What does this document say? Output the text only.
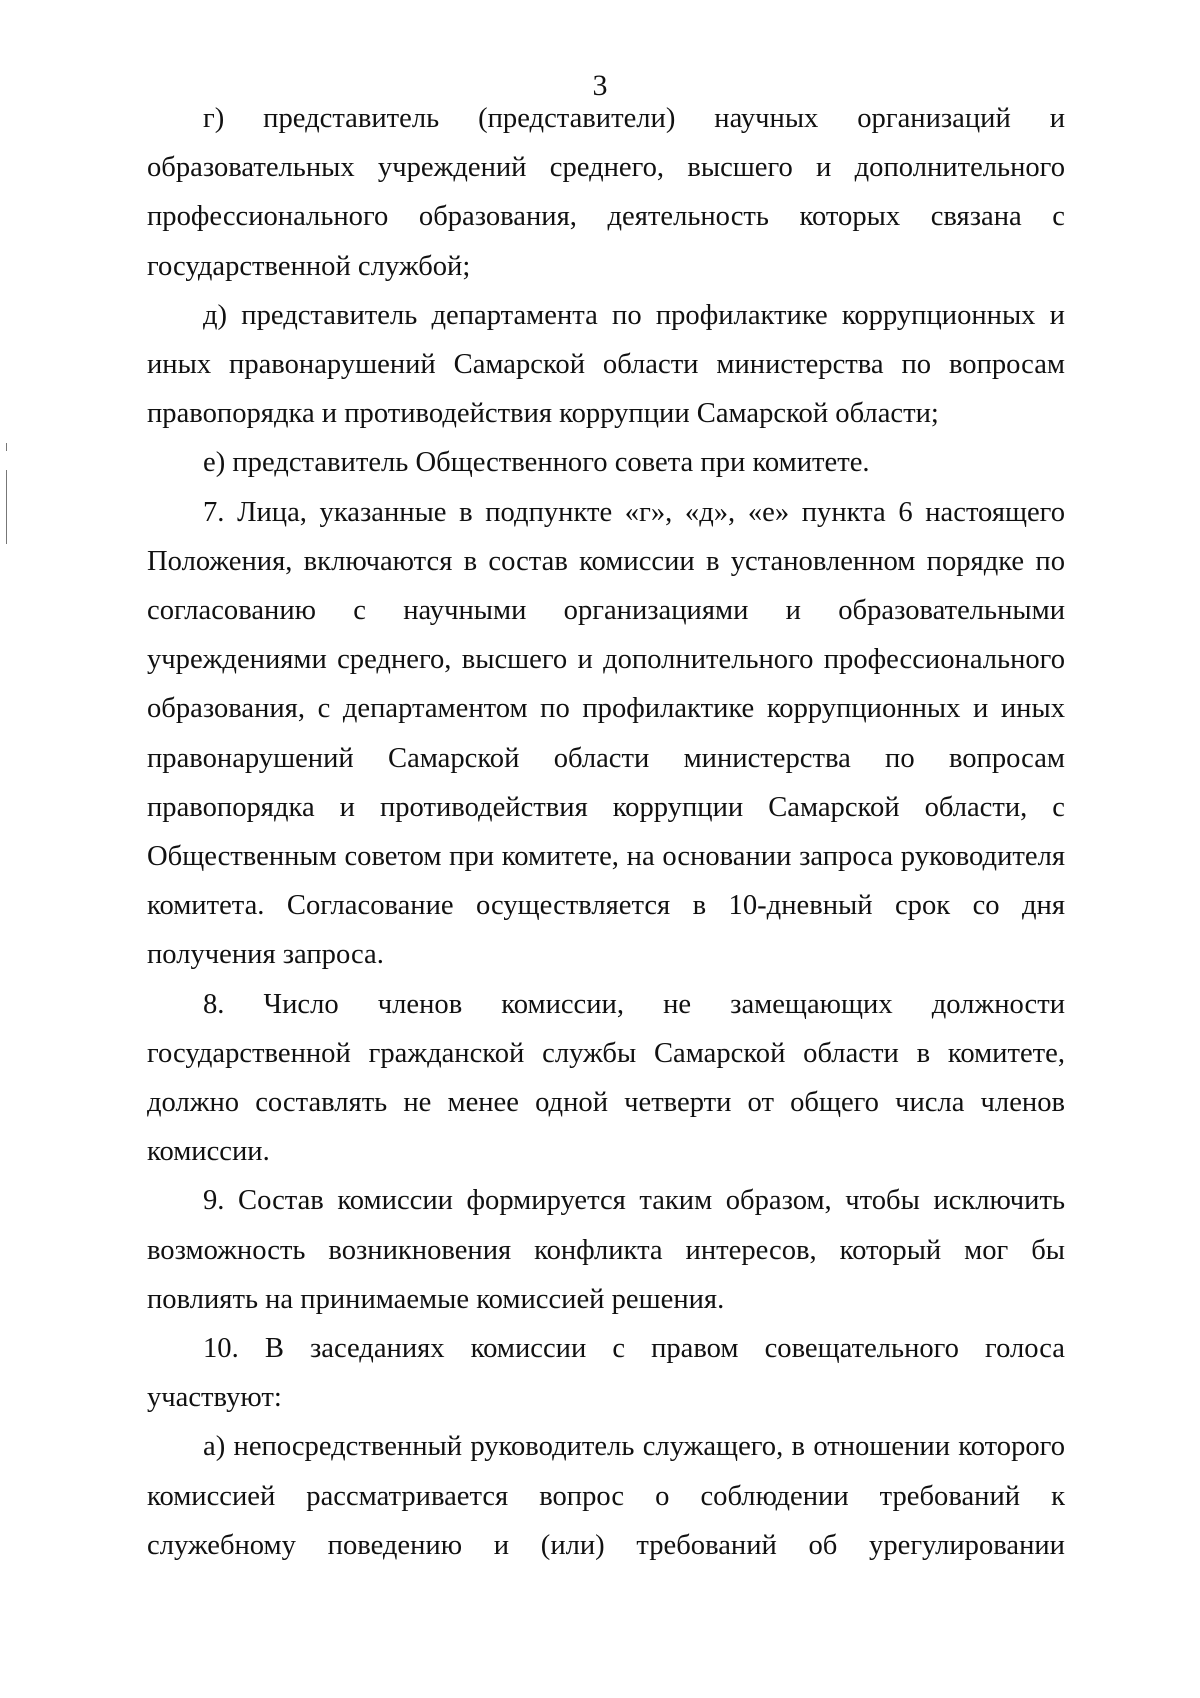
3

г) представитель (представители) научных организаций и образовательных учреждений среднего, высшего и дополнительного профессионального образования, деятельность которых связана с государственной службой;

д) представитель департамента по профилактике коррупционных и иных правонарушений Самарской области министерства по вопросам правопорядка и противодействия коррупции Самарской области;

е) представитель Общественного совета при комитете.

7. Лица, указанные в подпункте «г», «д», «е» пункта 6 настоящего Положения, включаются в состав комиссии в установленном порядке по согласованию с научными организациями и образовательными учреждениями среднего, высшего и дополнительного профессионального образования, с департаментом по профилактике коррупционных и иных правонарушений Самарской области министерства по вопросам правопорядка и противодействия коррупции Самарской области, с Общественным советом при комитете, на основании запроса руководителя комитета. Согласование осуществляется в 10-дневный срок со дня получения запроса.

8. Число членов комиссии, не замещающих должности государственной гражданской службы Самарской области в комитете, должно составлять не менее одной четверти от общего числа членов комиссии.

9. Состав комиссии формируется таким образом, чтобы исключить возможность возникновения конфликта интересов, который мог бы повлиять на принимаемые комиссией решения.

10. В заседаниях комиссии с правом совещательного голоса участвуют:

а) непосредственный руководитель служащего, в отношении которого комиссией рассматривается вопрос о соблюдении требований к служебному поведению и (или) требований об урегулировании
